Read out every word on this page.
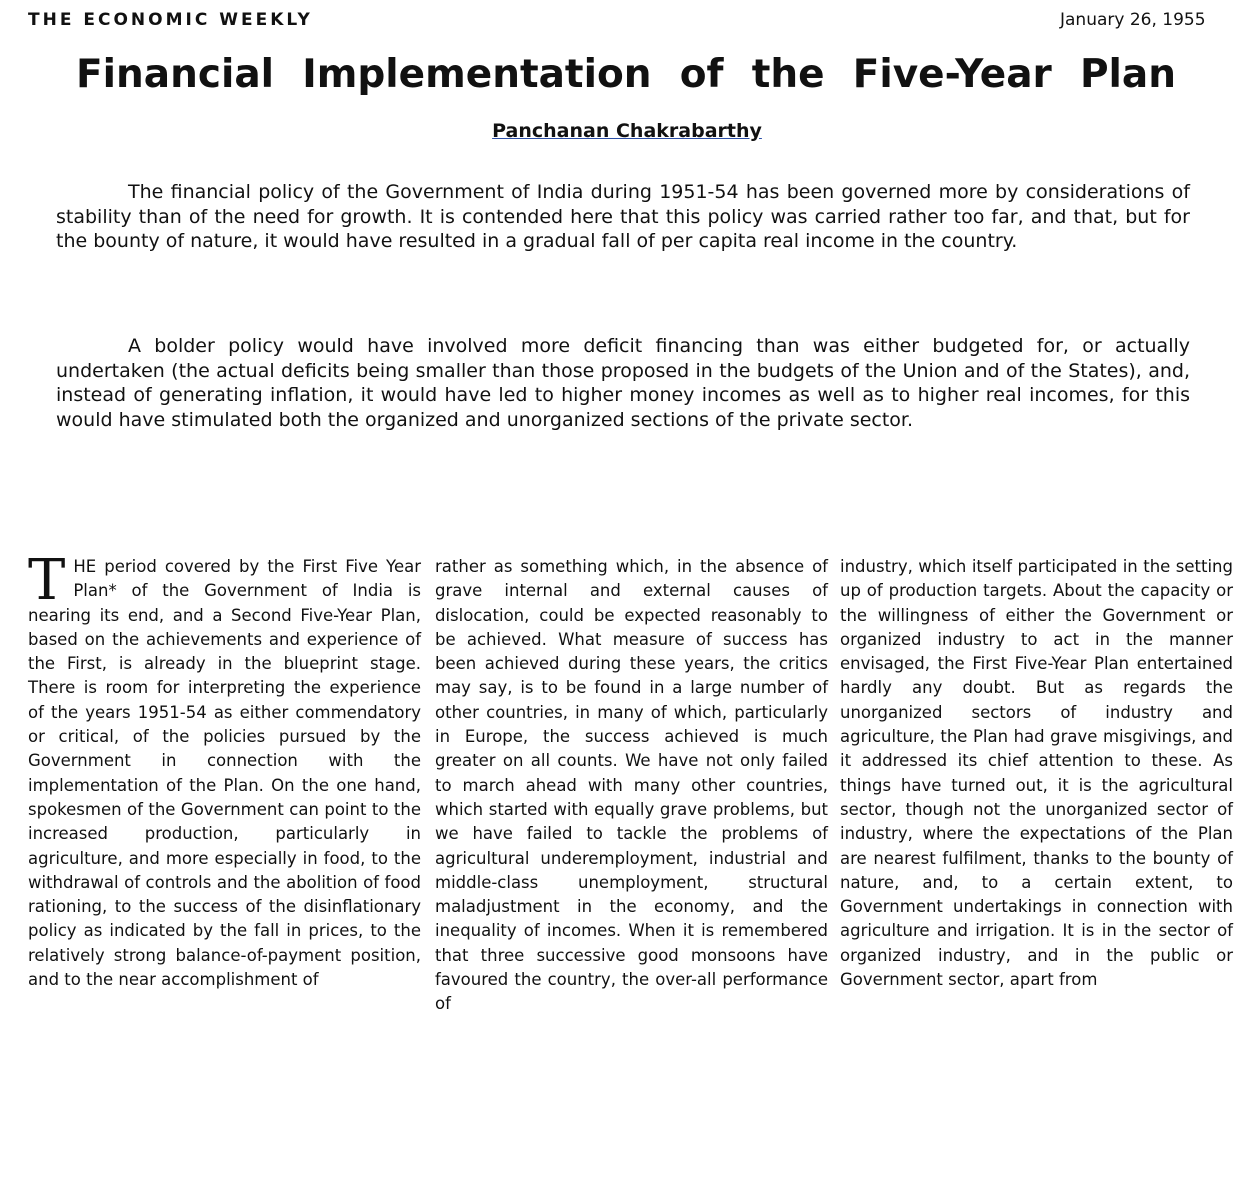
THE ECONOMIC WEEKLY	January 26, 1955
Financial Implementation of the Five-Year Plan
Panchanan Chakrabarthy

The financial policy of the Government of India during 1951-54 has been governed more by considerations of stability than of the need for growth. It is contended here that this policy was carried rather too far, and that, but for the bounty of nature, it would have resulted in a gradual fall of per capita real income in the country.

A bolder policy would have involved more deficit financing than was either budgeted for, or actually undertaken (the actual deficits being smaller than those proposed in the budgets of the Union and of the States), and, instead of generating inflation, it would have led to higher money incomes as well as to higher real incomes, for this would have stimulated both the organized and unorganized sections of the private sector.

T HE period covered by the First Five Year Plan* of the Government of India is nearing its end, and a Second Five-Year Plan, based on the achievements and experience of the First, is already in the blueprint stage. There is room for interpreting the experience of the years 1951-54 as either commendatory or critical, of the policies pursued by the Government in connection with the implementation of the Plan. On the one hand, spokesmen of the Government can point to the increased production, particularly in agriculture, and more especially in food, to the withdrawal of controls and the abolition of food rationing, to the success of the disinflationary policy as indicated by the fall in prices, to the relatively strong balance-of-payment position, and to the near accomplishment of

rather as something which, in the absence of grave internal and external causes of dislocation, could be expected reasonably to be achieved. What measure of success has been achieved during these years, the critics may say, is to be found in a large number of other countries, in many of which, particularly in Europe, the success achieved is much greater on all counts. We have not only failed to march ahead with many other countries, which started with equally grave problems, but we have failed to tackle the problems of agricultural underemployment, industrial and middle-class unemployment, structural maladjustment in the economy, and the inequality of incomes. When it is remembered that three successive good monsoons have favoured the country, the over-all performance of

industry, which itself participated in the setting up of production targets. About the capacity or the willingness of either the Government or organized industry to act in the manner envisaged, the First Five-Year Plan entertained hardly any doubt. But as regards the unorganized sectors of industry and agriculture, the Plan had grave misgivings, and it addressed its chief attention to these. As things have turned out, it is the agricultural sector, though not the unorganized sector of industry, where the expectations of the Plan are nearest fulfilment, thanks to the bounty of nature, and, to a certain extent, to Government undertakings in connection with agriculture and irrigation. It is in the sector of organized industry, and in the public or Government sector, apart from
